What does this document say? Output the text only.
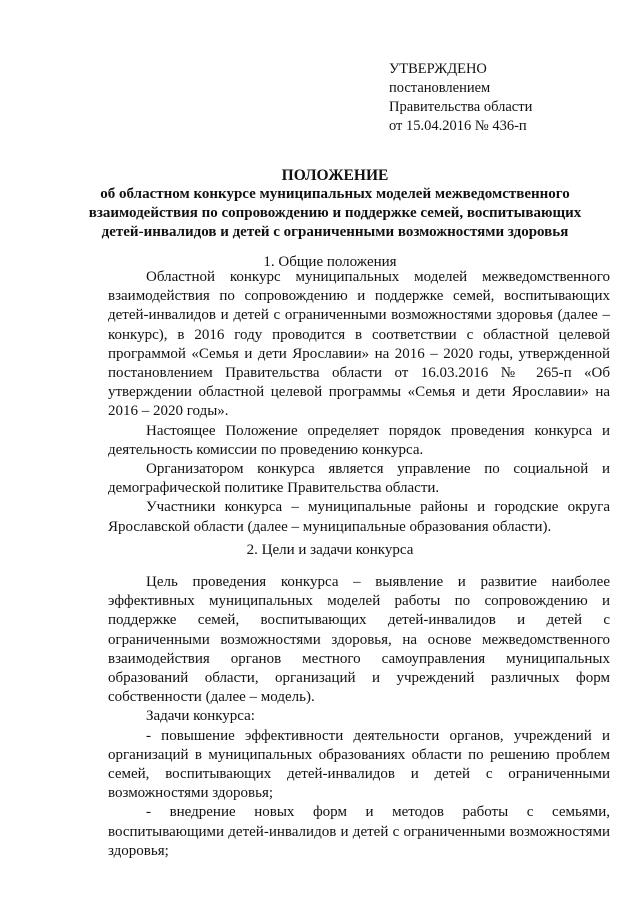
УТВЕРЖДЕНО
постановлением
Правительства области
от 15.04.2016 № 436-п
ПОЛОЖЕНИЕ
об областном конкурсе муниципальных моделей межведомственного
взаимодействия по сопровождению и поддержке семей, воспитывающих
детей-инвалидов и детей с ограниченными возможностями здоровья
1. Общие положения

Областной конкурс муниципальных моделей межведомственного взаимодействия по сопровождению и поддержке семей, воспитывающих детей-инвалидов и детей с ограниченными возможностями здоровья (далее – конкурс), в 2016 году проводится в соответствии с областной целевой программой «Семья и дети Ярославии» на 2016 – 2020 годы, утвержденной постановлением Правительства области от 16.03.2016 № 265-п «Об утверждении областной целевой программы «Семья и дети Ярославии» на 2016 – 2020 годы».

Настоящее Положение определяет порядок проведения конкурса и деятельность комиссии по проведению конкурса.

Организатором конкурса является управление по социальной и демографической политике Правительства области.

Участники конкурса – муниципальные районы и городские округа Ярославской области (далее – муниципальные образования области).

2. Цели и задачи конкурса

Цель проведения конкурса – выявление и развитие наиболее эффективных муниципальных моделей работы по сопровождению и поддержке семей, воспитывающих детей-инвалидов и детей с ограниченными возможностями здоровья, на основе межведомственного взаимодействия органов местного самоуправления муниципальных образований области, организаций и учреждений различных форм собственности (далее – модель).

Задачи конкурса:

- повышение эффективности деятельности органов, учреждений и организаций в муниципальных образованиях области по решению проблем семей, воспитывающих детей-инвалидов и детей с ограниченными возможностями здоровья;

- внедрение новых форм и методов работы с семьями, воспитывающими детей-инвалидов и детей с ограниченными возможностями здоровья;
